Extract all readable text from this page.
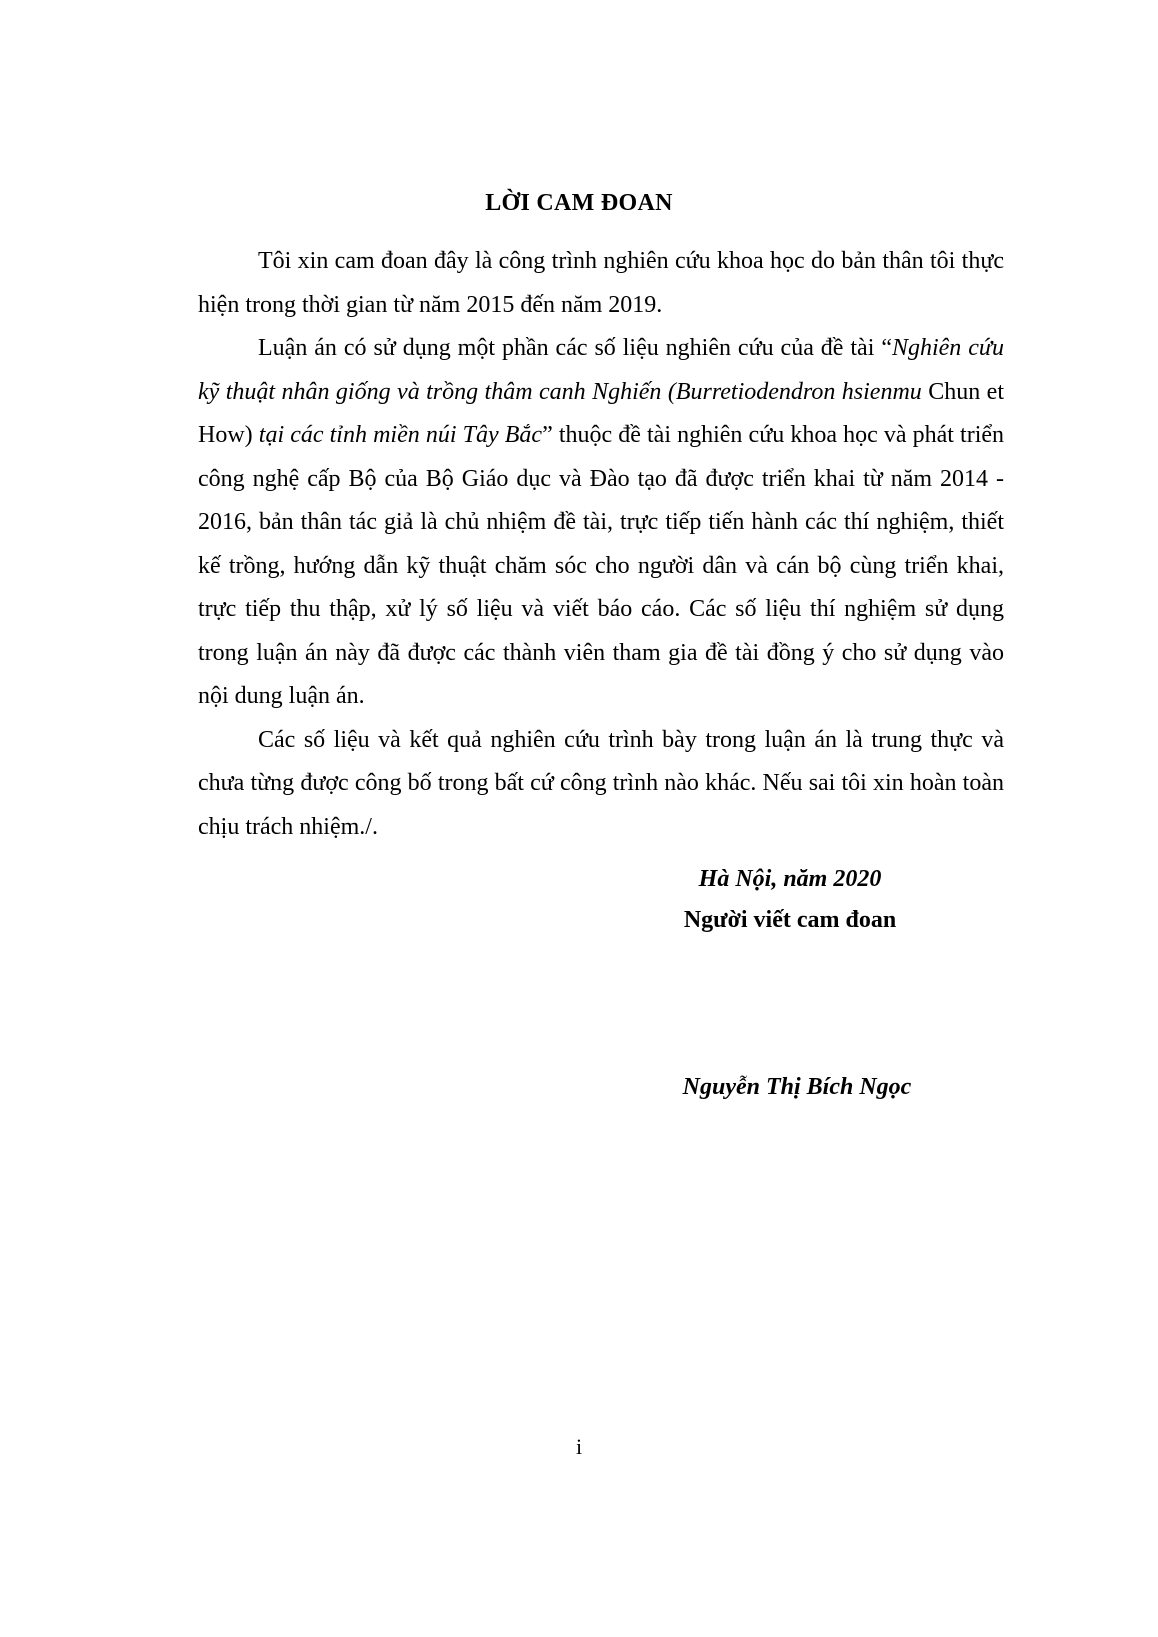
LỜI CAM ĐOAN

Tôi xin cam đoan đây là công trình nghiên cứu khoa học do bản thân tôi thực hiện trong thời gian từ năm 2015 đến năm 2019.

Luận án có sử dụng một phần các số liệu nghiên cứu của đề tài “Nghiên cứu kỹ thuật nhân giống và trồng thâm canh Nghiến (Burretiodendron hsienmu Chun et How) tại các tỉnh miền núi Tây Bắc” thuộc đề tài nghiên cứu khoa học và phát triển công nghệ cấp Bộ của Bộ Giáo dục và Đào tạo đã được triển khai từ năm 2014 - 2016, bản thân tác giả là chủ nhiệm đề tài, trực tiếp tiến hành các thí nghiệm, thiết kế trồng, hướng dẫn kỹ thuật chăm sóc cho người dân và cán bộ cùng triển khai, trực tiếp thu thập, xử lý số liệu và viết báo cáo. Các số liệu thí nghiệm sử dụng trong luận án này đã được các thành viên tham gia đề tài đồng ý cho sử dụng vào nội dung luận án.

Các số liệu và kết quả nghiên cứu trình bày trong luận án là trung thực và chưa từng được công bố trong bất cứ công trình nào khác. Nếu sai tôi xin hoàn toàn chịu trách nhiệm./.

Hà Nội, năm 2020
Người viết cam đoan
Nguyễn Thị Bích Ngọc
i
